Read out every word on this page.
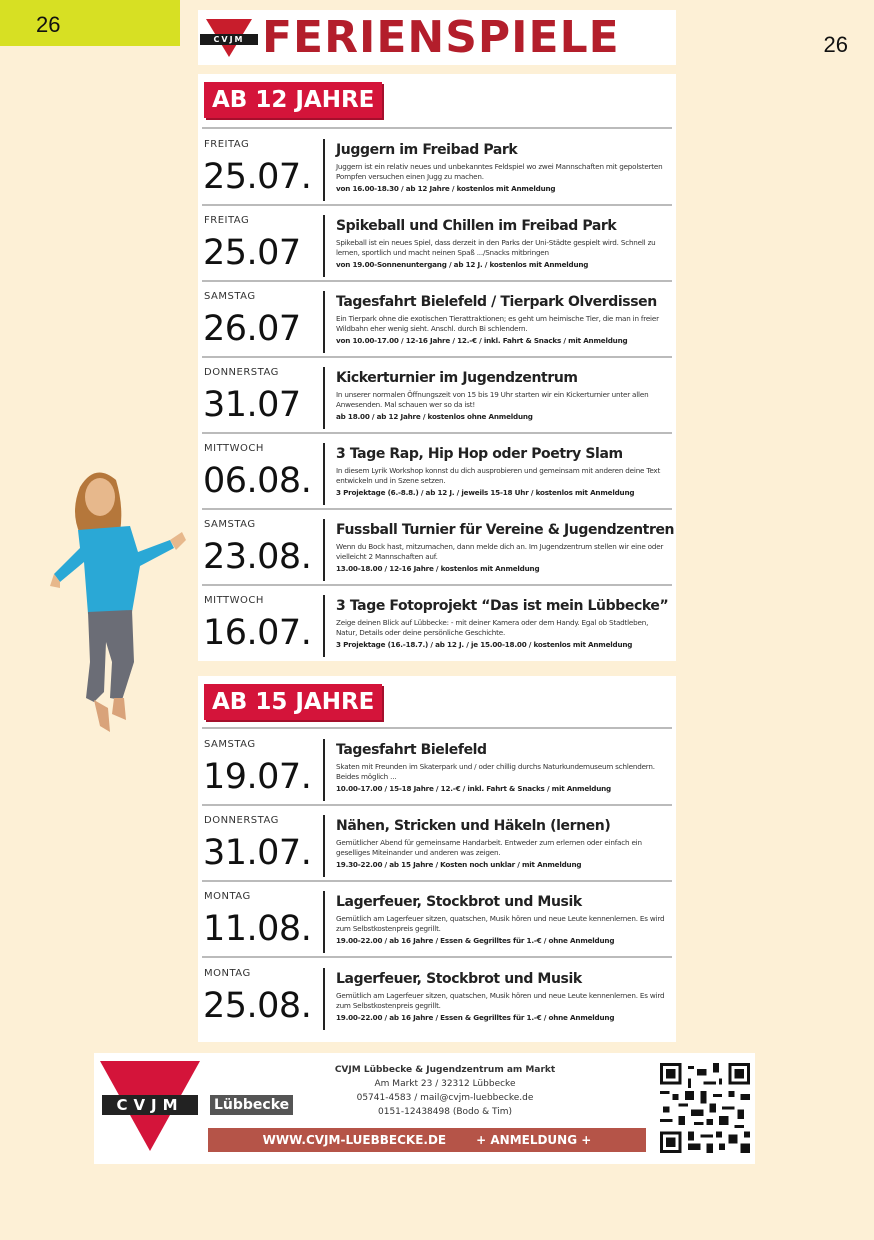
26
26
CVJM FERIENSPIELE
AB 12 JAHRE
FREITAG
25.07.
Juggern im Freibad Park
Juggern ist ein relativ neues und unbekanntes Feldspiel wo zwei Mannschaften mit gepolsterten Pompfen versuchen einen Jugg zu machen.
von 16.00-18.30 / ab 12 Jahre / kostenlos mit Anmeldung
FREITAG
25.07
Spikeball und Chillen im Freibad Park
Spikeball ist ein neues Spiel, dass derzeit in den Parks der Uni-Städte gespielt wird. Schnell zu lernen, sportlich und macht neinen Spaß .../Snacks mitbringen
von 19.00-Sonnenuntergang / ab 12 J. / kostenlos mit Anmeldung
SAMSTAG
26.07
Tagesfahrt Bielefeld / Tierpark Olverdissen
Ein Tierpark ohne die exotischen Tierattraktionen; es geht um heimische Tier, die man in freier Wildbahn eher wenig sieht. Anschl. durch Bi schlendern.
von 10.00-17.00 / 12-16 Jahre / 12.-€ / inkl. Fahrt & Snacks / mit Anmeldung
DONNERSTAG
31.07
Kickerturnier im Jugendzentrum
In unserer normalen Öffnungszeit von 15 bis 19 Uhr starten wir ein Kickerturnier unter allen Anwesenden. Mal schauen wer so da ist!
ab 18.00 / ab 12 Jahre / kostenlos ohne Anmeldung
MITTWOCH
06.08.
3 Tage Rap, Hip Hop oder Poetry Slam
In diesem Lyrik Workshop konnst du dich ausprobieren und gemeinsam mit anderen deine Text entwickeln und in Szene setzen.
3 Projektage (6.-8.8.) / ab 12 J. / jeweils 15-18 Uhr / kostenlos mit Anmeldung
SAMSTAG
23.08.
Fussball Turnier für Vereine & Jugendzentren
Wenn du Bock hast, mitzumachen, dann melde dich an. Im Jugendzentrum stellen wir eine oder vielleicht 2 Mannschaften auf.
13.00-18.00 / 12-16 Jahre / kostenlos mit Anmeldung
MITTWOCH
16.07.
3 Tage Fotoprojekt “Das ist mein Lübbecke”
Zeige deinen Blick auf Lübbecke: - mit deiner Kamera oder dem Handy. Egal ob Stadtleben, Natur, Details oder deine persönliche Geschichte.
3 Projektage (16.-18.7.) / ab 12 J. / je 15.00-18.00 / kostenlos mit Anmeldung
AB 15 JAHRE
SAMSTAG
19.07.
Tagesfahrt Bielefeld
Skaten mit Freunden im Skaterpark und / oder chillig durchs Naturkundemuseum schlendern. Beides möglich ...
10.00-17.00 / 15-18 Jahre / 12.-€ / inkl. Fahrt & Snacks / mit Anmeldung
DONNERSTAG
31.07.
Nähen, Stricken und Häkeln (lernen)
Gemütlicher Abend für gemeinsame Handarbeit. Entweder zum erlernen oder einfach ein geselliges Miteinander und anderen was zeigen.
19.30-22.00 / ab 15 Jahre / Kosten noch unklar / mit Anmeldung
MONTAG
11.08.
Lagerfeuer, Stockbrot und Musik
Gemütlich am Lagerfeuer sitzen, quatschen, Musik hören und neue Leute kennenlernen. Es wird zum Selbstkostenpreis gegrillt.
19.00-22.00 / ab 16 Jahre / Essen & Gegrilltes für 1.-€ / ohne Anmeldung
MONTAG
25.08.
Lagerfeuer, Stockbrot und Musik
Gemütlich am Lagerfeuer sitzen, quatschen, Musik hören und neue Leute kennenlernen. Es wird zum Selbstkostenpreis gegrillt.
19.00-22.00 / ab 16 Jahre / Essen & Gegrilltes für 1.-€ / ohne Anmeldung
CVJM	Lübbecke
CVJM Lübbecke & Jugendzentrum am Markt
Am Markt 23 / 32312 Lübbecke
05741-4583 / mail@cvjm-luebbecke.de
0151-12438498 (Bodo & Tim)
WWW.CVJM-LUEBBECKE.DE	+ ANMELDUNG +
